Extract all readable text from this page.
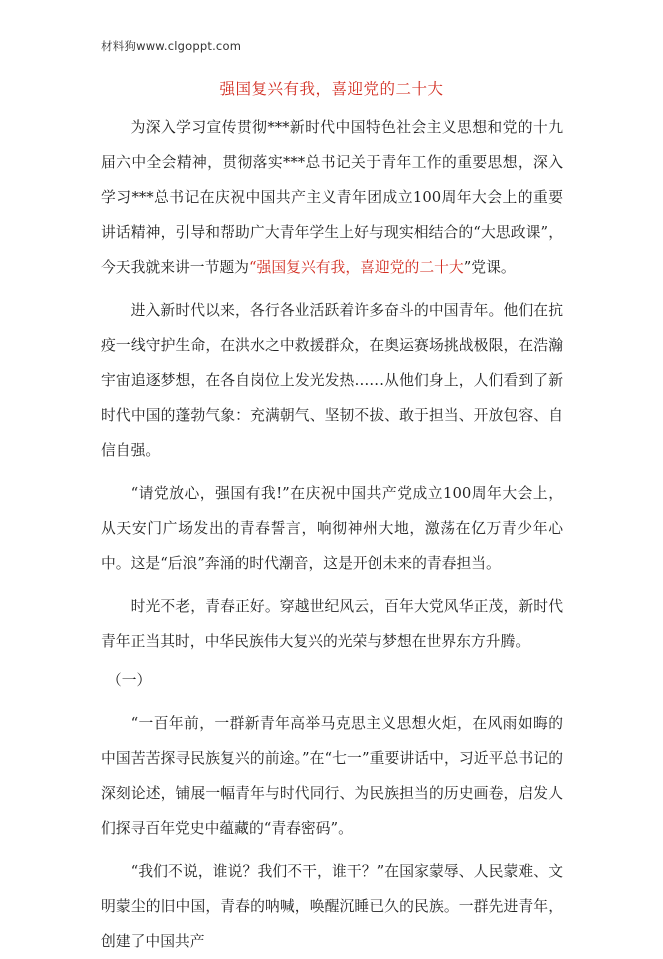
材料狗www.clgoppt.com
强国复兴有我，喜迎党的二十大

为深入学习宣传贯彻***新时代中国特色社会主义思想和党的十九届六中全会精神，贯彻落实***总书记关于青年工作的重要思想，深入学习***总书记在庆祝中国共产主义青年团成立100周年大会上的重要讲话精神，引导和帮助广大青年学生上好与现实相结合的“大思政课”，今天我就来讲一节题为“强国复兴有我，喜迎党的二十大”党课。

进入新时代以来，各行各业活跃着许多奋斗的中国青年。他们在抗疫一线守护生命，在洪水之中救援群众，在奥运赛场挑战极限，在浩瀚宇宙追逐梦想，在各自岗位上发光发热……从他们身上，人们看到了新时代中国的蓬勃气象：充满朝气、坚韧不拔、敢于担当、开放包容、自信自强。

“请党放心，强国有我!”在庆祝中国共产党成立100周年大会上，从天安门广场发出的青春誓言，响彻神州大地，激荡在亿万青少年心中。这是“后浪”奔涌的时代潮音，这是开创未来的青春担当。

时光不老，青春正好。穿越世纪风云，百年大党风华正茂，新时代青年正当其时，中华民族伟大复兴的光荣与梦想在世界东方升腾。

（一）

“一百年前，一群新青年高举马克思主义思想火炬，在风雨如晦的中国苦苦探寻民族复兴的前途。”在“七一”重要讲话中，习近平总书记的深刻论述，铺展一幅青年与时代同行、为民族担当的历史画卷，启发人们探寻百年党史中蕴藏的“青春密码”。

“我们不说，谁说？我们不干，谁干？”在国家蒙辱、人民蒙难、文明蒙尘的旧中国，青春的呐喊，唤醒沉睡已久的民族。一群先进青年，创建了中国共产
